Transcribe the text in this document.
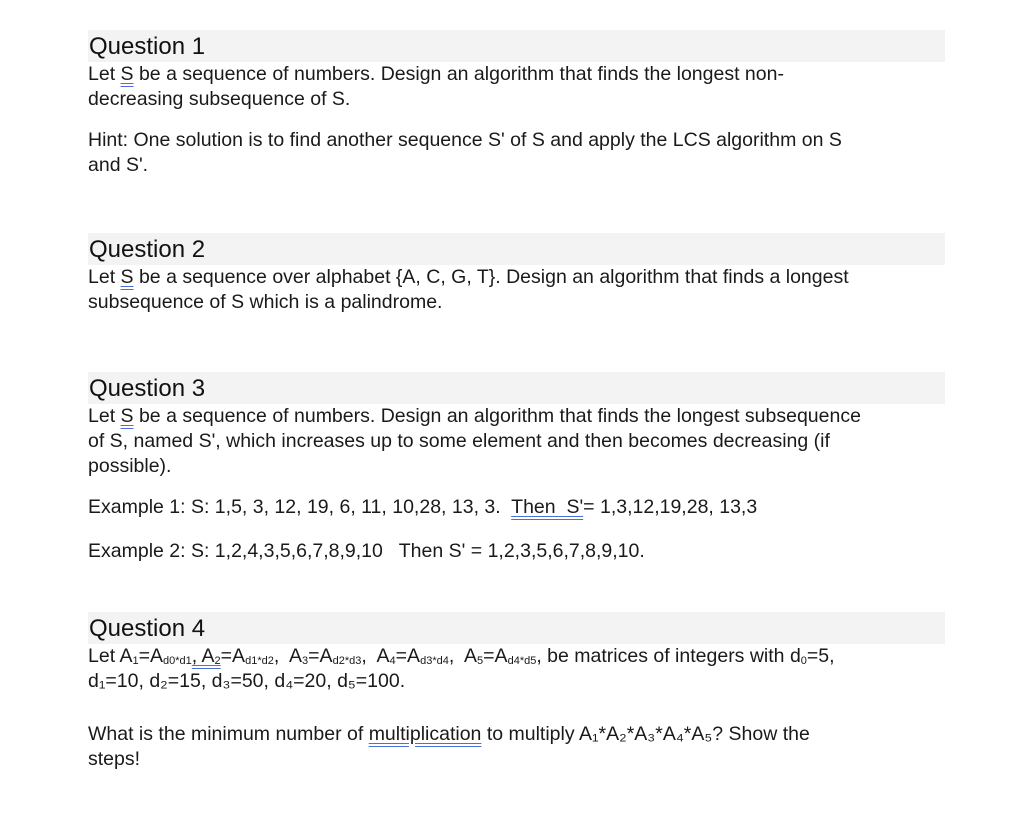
Question 1

Let S be a sequence of numbers. Design an algorithm that finds the longest non-

decreasing subsequence of S.

Hint: One solution is to find another sequence S' of S and apply the LCS algorithm on S

and S'.

Question 2

Let S be a sequence over alphabet {A, C, G, T}. Design an algorithm that finds a longest

subsequence of S which is a palindrome.

Question 3

Let S be a sequence of numbers. Design an algorithm that finds the longest subsequence

of S, named S', which increases up to some element and then becomes decreasing (if

possible).

Example 1: S: 1,5, 3, 12, 19, 6, 11, 10,28, 13, 3.  Then  S'= 1,3,12,19,28, 13,3

Example 2: S: 1,2,4,3,5,6,7,8,9,10   Then S' = 1,2,3,5,6,7,8,9,10.

Question 4

Let $A_1=A_{d0*d1}$, $A_2=A_{d1*d2}$,  $A_3=A_{d2*d3}$,  $A_4=A_{d3*d4}$,  $A_5=A_{d4*d5}$, be matrices of integers with $d_0=5$,

d₁=10, d₂=15, d₃=50, d₄=20, d₅=100.

What is the minimum number of multiplication to multiply A₁*A₂*A₃*A₄*A₅? Show the

steps!
